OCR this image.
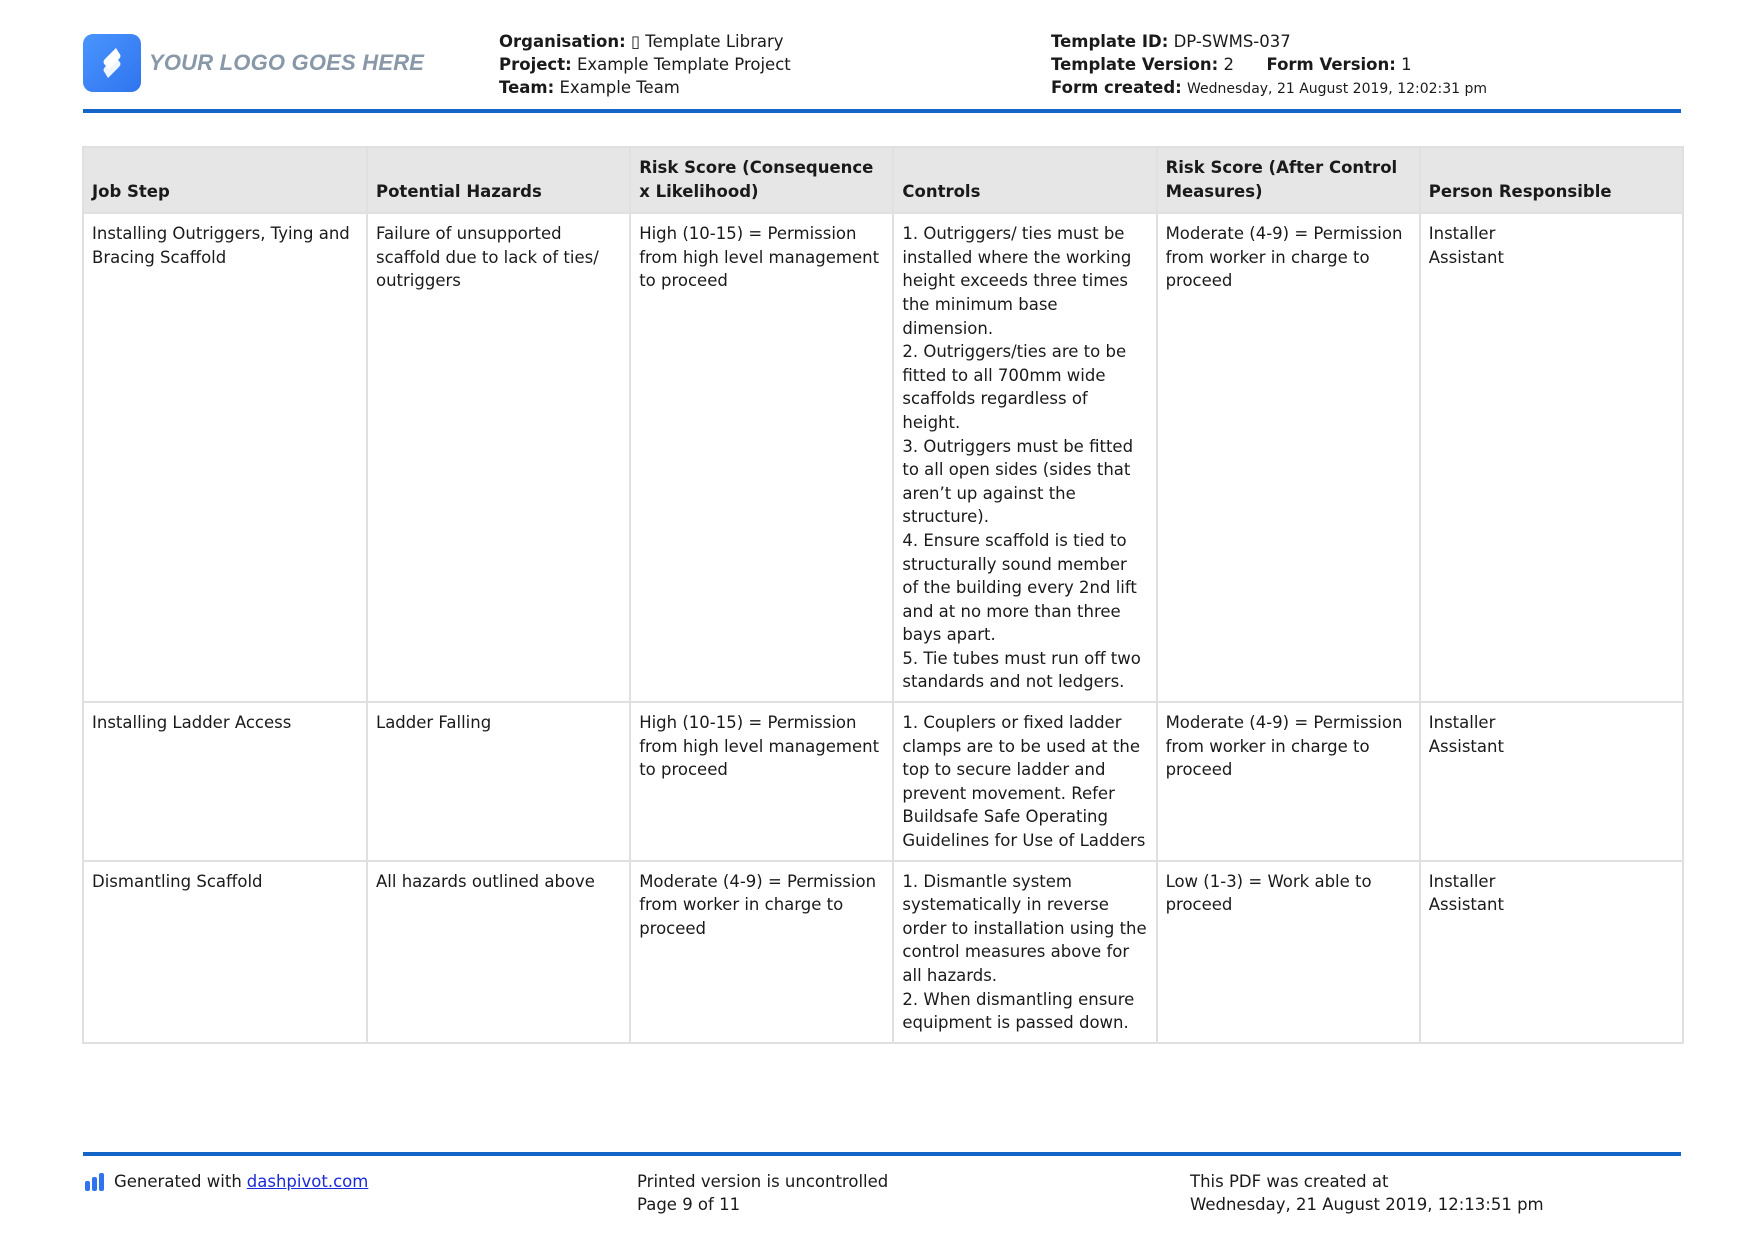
YOUR LOGO GOES HERE
Organisation: ▯ Template Library
Project: Example Template Project
Team: Example Team
Template ID: DP-SWMS-037
Template Version: 2 Form Version: 1
Form created: Wednesday, 21 August 2019, 12:02:31 pm
Job Step	Potential Hazards	Risk Score (Consequence x Likelihood)	Controls	Risk Score (After Control Measures)	Person Responsible
Installing Outriggers, Tying and Bracing Scaffold	Failure of unsupported scaffold due to lack of ties/ outriggers	High (10-15) = Permission from high level management to proceed	1. Outriggers/ ties must be installed where the working height exceeds three times the minimum base dimension.
2. Outriggers/ties are to be fitted to all 700mm wide scaffolds regardless of height.
3. Outriggers must be fitted to all open sides (sides that aren’t up against the structure).
4. Ensure scaffold is tied to structurally sound member of the building every 2nd lift and at no more than three bays apart.
5. Tie tubes must run off two standards and not ledgers.	Moderate (4-9) = Permission from worker in charge to proceed	Installer
Assistant

Installing Ladder Access	Ladder Falling	High (10-15) = Permission from high level management to proceed	1. Couplers or fixed ladder clamps are to be used at the top to secure ladder and prevent movement. Refer Buildsafe Safe Operating Guidelines for Use of Ladders	Moderate (4-9) = Permission from worker in charge to proceed	Installer
Assistant

Dismantling Scaffold	All hazards outlined above	Moderate (4-9) = Permission from worker in charge to proceed	1. Dismantle system systematically in reverse order to installation using the control measures above for all hazards.
2. When dismantling ensure equipment is passed down.	Low (1-3) = Work able to proceed	Installer
Assistant
Generated with dashpivot.com	Printed version is uncontrolled
Page 9 of 11
This PDF was created at
Wednesday, 21 August 2019, 12:13:51 pm
